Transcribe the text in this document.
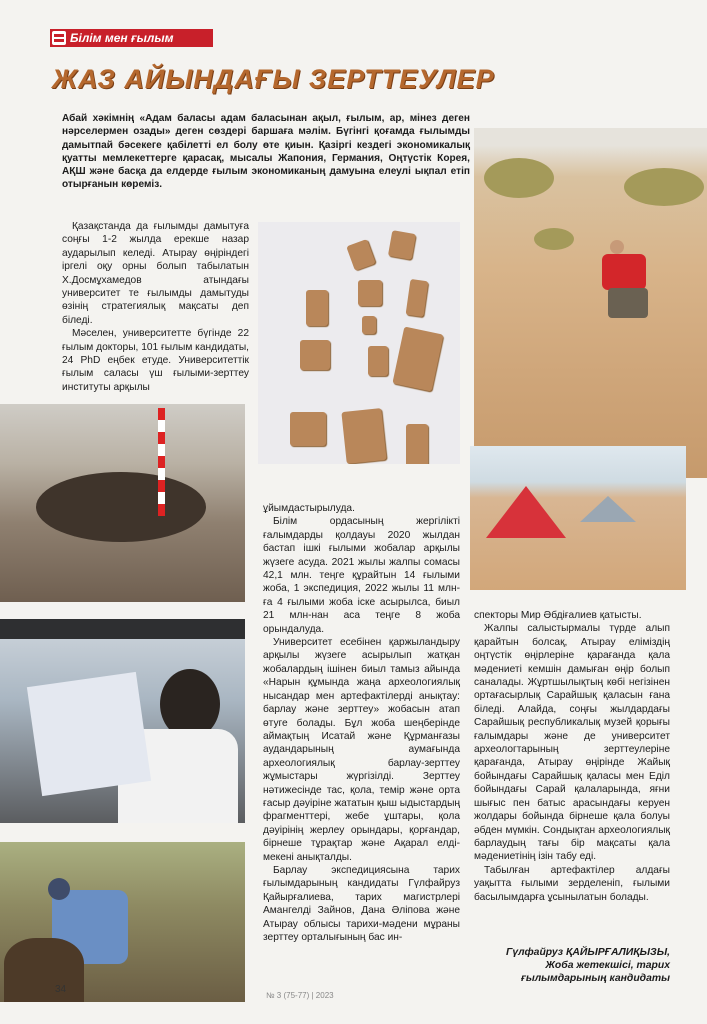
Білім мен ғылым
ЖАЗ АЙЫНДАҒЫ ЗЕРТТЕУЛЕР
Абай хәкімнің «Адам баласы адам баласынан ақыл, ғылым, ар, мінез деген нәрселермен озады» деген сөздері баршаға мәлім. Бүгінгі қоғамда ғылымды дамытпай бәсекеге қабілетті ел болу өте қиын. Қазіргі кездегі экономикалық қуатты мемлекеттерге қарасақ, мысалы Жапония, Германия, Оңтүстік Корея, АҚШ және басқа да елдерде ғылым экономиканың дамуына елеулі ықпал етіп отырғанын көреміз.

Қазақстанда да ғылымды дамытуға соңғы 1-2 жылда ерекше назар аударылып келеді. Атырау өңіріндегі іргелі оқу орны болып табылатын Х.Досмұхамедов атындағы университет те ғылымды дамытуды өзінің стратегиялық мақсаты деп біледі.

Мәселен, университетте бүгінде 22 ғылым докторы, 101 ғылым кандидаты, 24 PhD еңбек етуде. Университеттік ғылым саласы үш ғылыми-зерттеу институты арқылы

ұйымдастырылуда.

Білім ордасының жергілікті ғалымдарды қолдауы 2020 жылдан бастап ішкі ғылыми жобалар арқылы жүзеге асуда. 2021 жылы жалпы сомасы 42,1 млн. теңге құрайтын 14 ғылыми жоба, 1 экспедиция, 2022 жылы 11 млн-ға 4 ғылыми жоба іске асырылса, биыл 21 млн-нан аса теңге 8 жоба орындалуда.

Университет есебінен қаржыландыру арқылы жүзеге асырылып жатқан жобалардың ішінен биыл тамыз айында «Нарын құмында жаңа археологиялық нысандар мен артефактілерді анықтау: барлау және зерттеу» жобасын атап өтуге болады. Бұл жоба шеңберінде аймақтың Исатай және Құрманғазы аудандарының аумағында археологиялық барлау-зерттеу жұмыстары жүргізілді. Зерттеу нәтижесінде тас, қола, темір және орта ғасыр дәуіріне жататын қыш ыдыстардың фрагменттері, жебе ұштары, қола дәуірінің жерлеу орындары, қорғандар, бірнеше тұрақтар және Ақарал елді-мекені анықталды.

Барлау экспедициясына тарих ғылымдарының кандидаты Гүлфайруз Қайырғалиева, тарих магистрлері Амангелді Зайнов, Дана Әліпова және Атырау облысы тарихи-мәдени мұраны зерттеу орталығының бас ин-

спекторы Мир Әбдіғалиев қатысты.

Жалпы салыстырмалы түрде алып қарайтын болсақ, Атырау еліміздің оңтүстік өңірлеріне қарағанда қала мәдениеті кемшін дамыған өңір болып саналады. Жұртшылықтың көбі негізінен ортағасырлық Сарайшық қаласын ғана біледі. Алайда, соңғы жылдардағы Сарайшық республикалық музей қорығы ғалымдары және де университет археологтарының зерттеулеріне қарағанда, Атырау өңірінде Жайық бойындағы Сарайшық қаласы мен Еділ бойындағы Сарай қалаларында, яғни шығыс пен батыс арасындағы керуен жолдары бойында бірнеше қала болуы әбден мүмкін. Сондықтан археологиялық барлаудың тағы бір мақсаты қала мәдениетінің ізін табу еді.

Табылған артефактілер алдағы уақытта ғылыми зерделеніп, ғылыми басылымдарға ұсынылатын болады.

Гүлфайруз ҚАЙЫРҒАЛИҚЫЗЫ,
Жоба жетекшісі, тарих
ғылымдарының кандидаты
34
№ 3 (75-77) | 2023
